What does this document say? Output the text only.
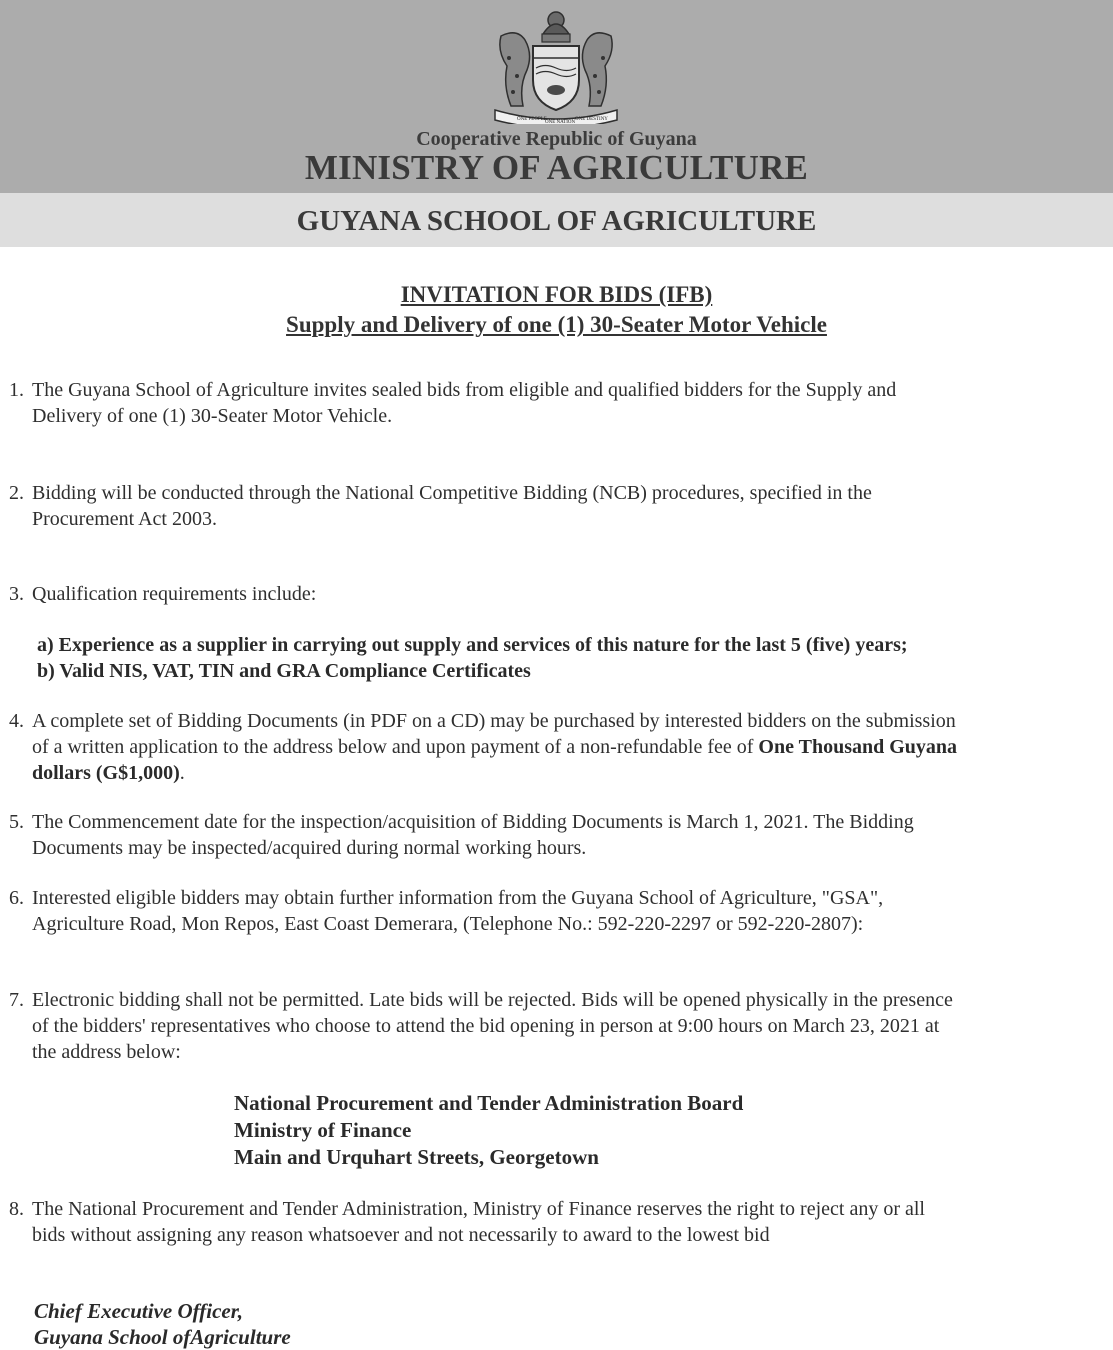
ONE PEOPLE
ONE NATION
ONE DESTINY
Cooperative Republic of Guyana
MINISTRY OF AGRICULTURE
GUYANA SCHOOL OF AGRICULTURE
INVITATION FOR BIDS (IFB)
Supply and Delivery of one (1) 30-Seater Motor Vehicle
1. The Guyana School of Agriculture invites sealed bids from eligible and qualified bidders for the Supply and
Delivery of one (1) 30-Seater Motor Vehicle.
2. Bidding will be conducted through the National Competitive Bidding (NCB) procedures, specified in the
Procurement Act 2003.
3. Qualification requirements include:
a) Experience as a supplier in carrying out supply and services of this nature for the last 5 (five) years;
b) Valid NIS, VAT, TIN and GRA Compliance Certificates
4. A complete set of Bidding Documents (in PDF on a CD) may be purchased by interested bidders on the submission
of a written application to the address below and upon payment of a non-refundable fee of One Thousand Guyana
dollars (G$1,000).
5. The Commencement date for the inspection/acquisition of Bidding Documents is March 1, 2021. The Bidding
Documents may be inspected/acquired during normal working hours.
6. Interested eligible bidders may obtain further information from the Guyana School of Agriculture, "GSA",
Agriculture Road, Mon Repos, East Coast Demerara, (Telephone No.: 592-220-2297 or 592-220-2807):
7. Electronic bidding shall not be permitted. Late bids will be rejected. Bids will be opened physically in the presence
of the bidders' representatives who choose to attend the bid opening in person at 9:00 hours on March 23, 2021 at
the address below:
National Procurement and Tender Administration Board
Ministry of Finance
Main and Urquhart Streets, Georgetown
8. The National Procurement and Tender Administration, Ministry of Finance reserves the right to reject any or all
bids without assigning any reason whatsoever and not necessarily to award to the lowest bid
Chief Executive Officer,
Guyana School ofAgriculture
